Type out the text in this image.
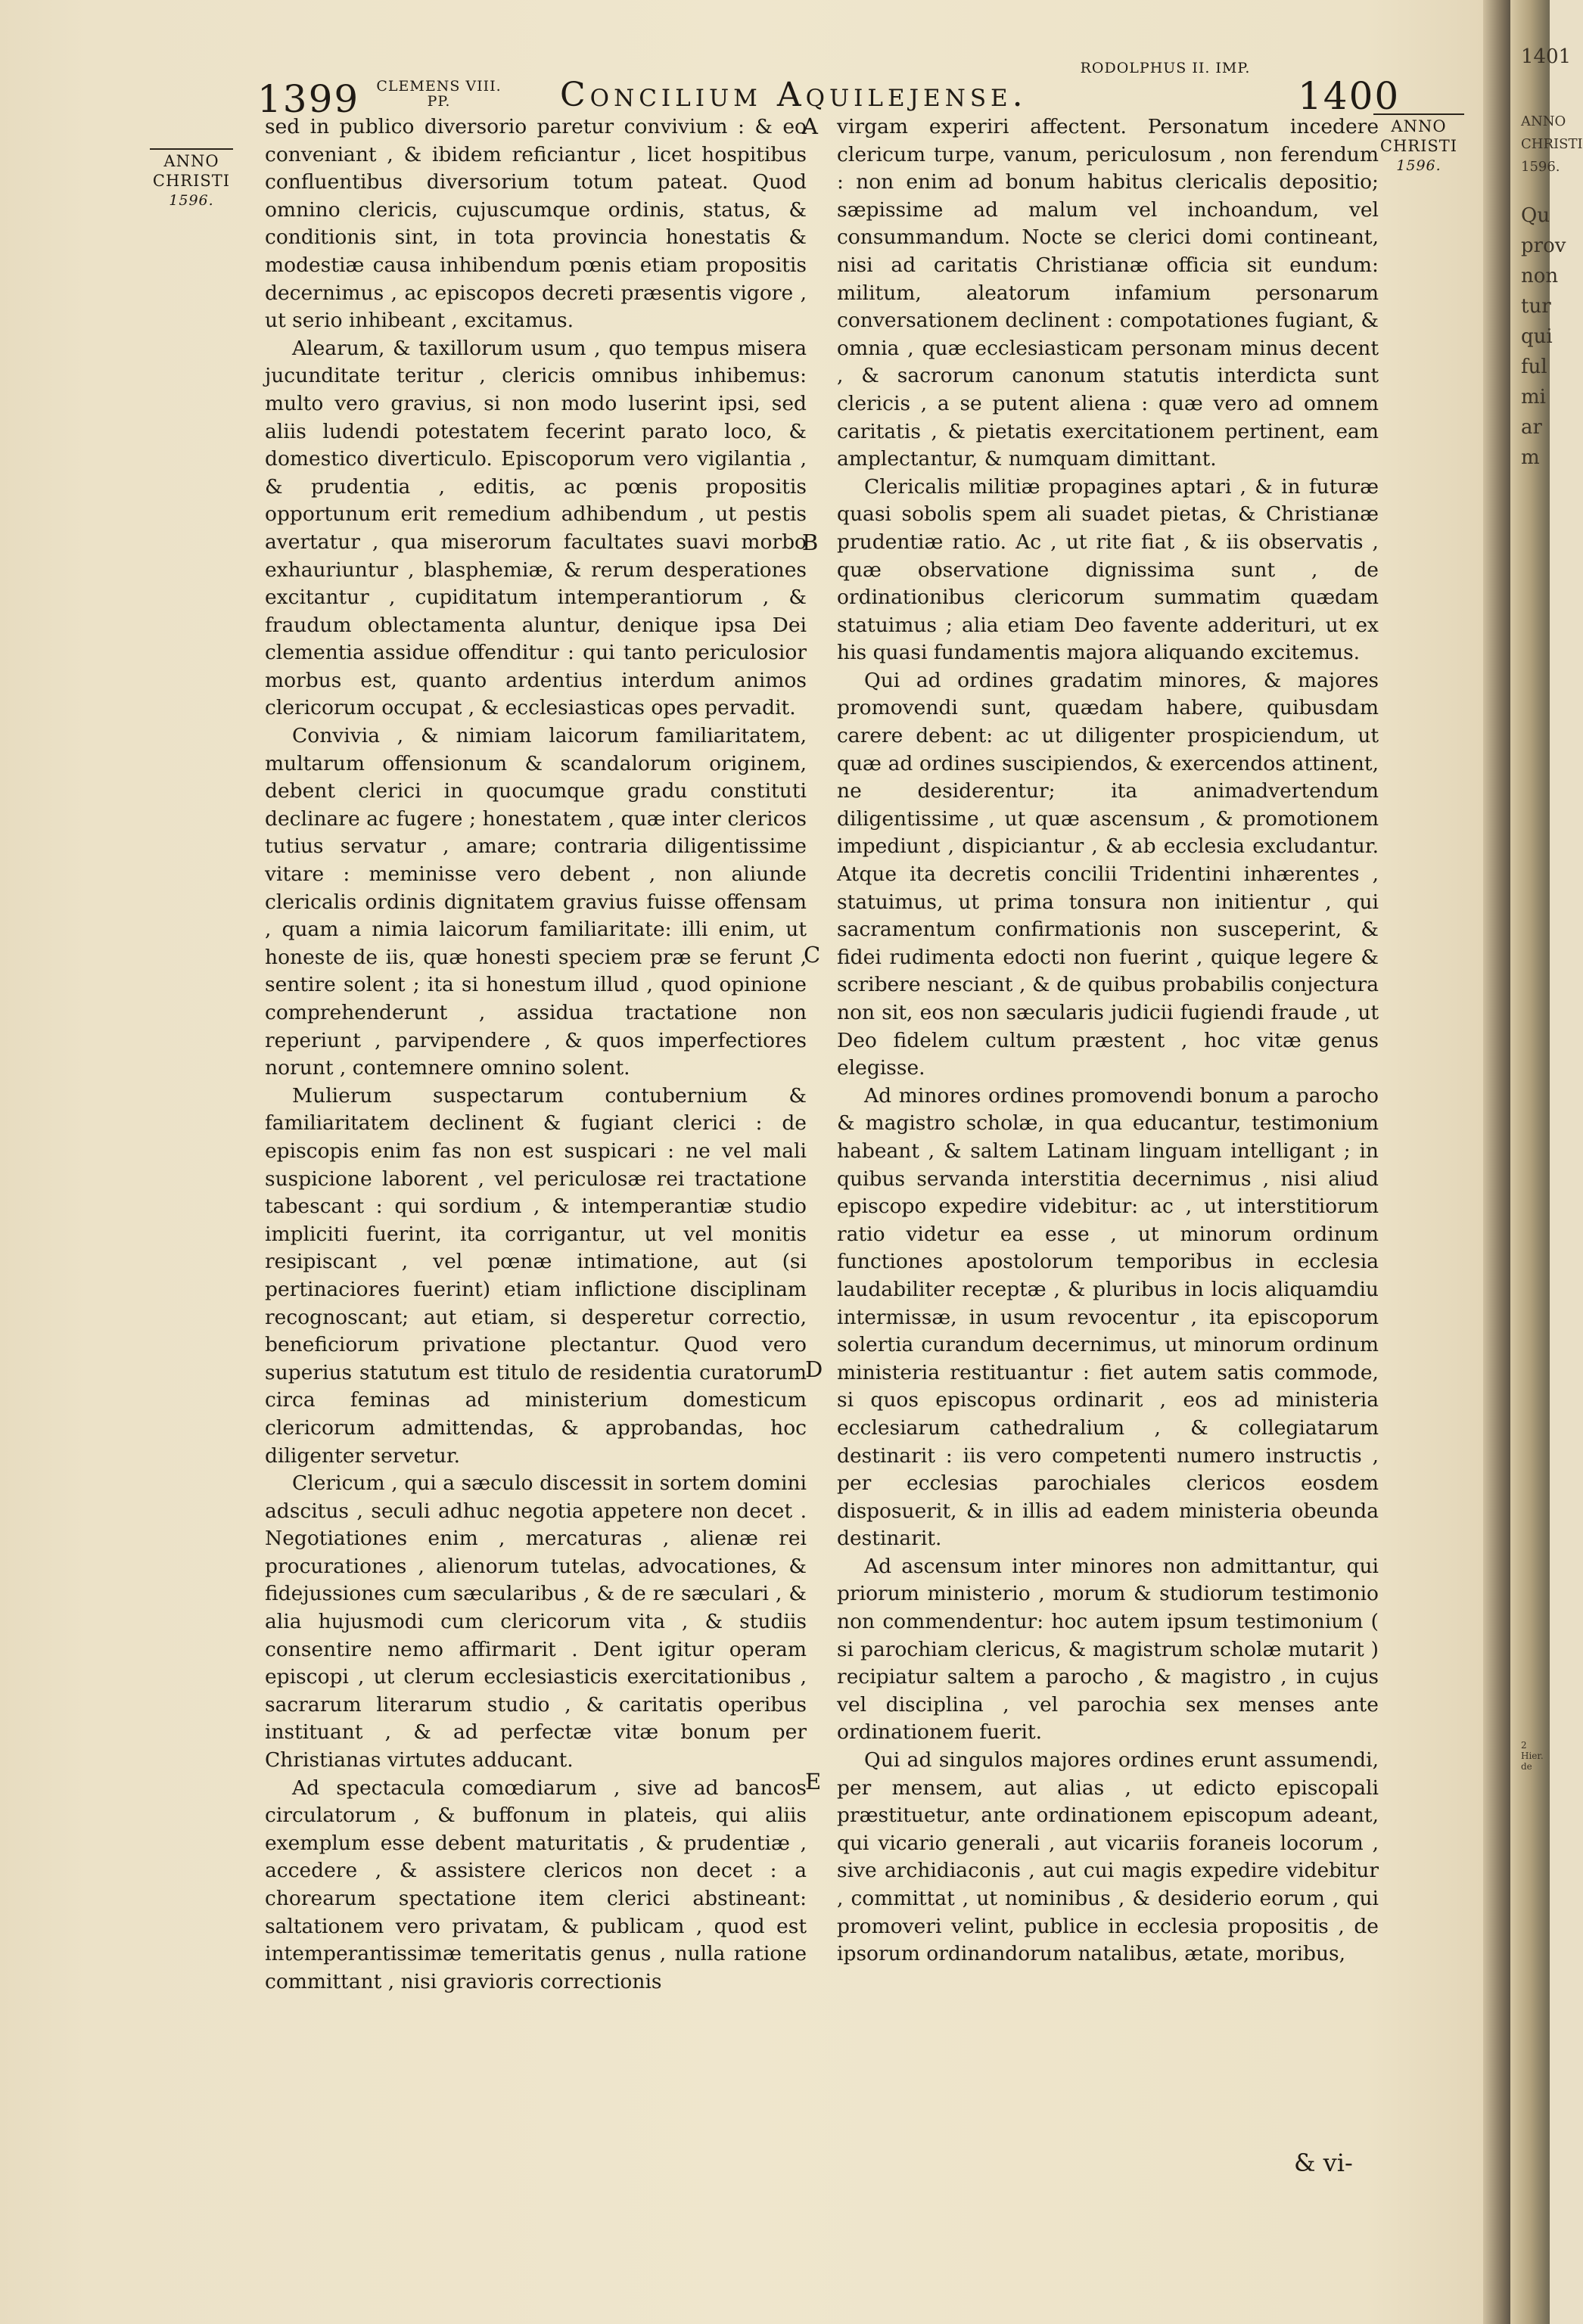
1401
ANNO
CHRISTI
1596.
Qu
prov
non
tur
qui
ful
mi
ar
m
2 Hier. de
1399	CLEMENS VIII. PP.	Concilium Aquilejense.
RODOLPHUS II. IMP.
1400
ANNO
CHRISTI
1596.
ANNO
CHRISTI
1596.
A
B
C
D
E

sed in publico diversorio paretur convivium : & eo conveniant , & ibidem reficiantur , licet hospitibus confluentibus diversorium totum pateat. Quod omnino clericis, cujuscumque ordinis, status, & conditionis sint, in tota provincia honestatis & modestiæ causa inhibendum pœnis etiam propositis decernimus , ac episcopos decreti præsentis vigore , ut serio inhibeant , excitamus.

Alearum, & taxillorum usum , quo tempus misera jucunditate teritur , clericis omnibus inhibemus: multo vero gravius, si non modo luserint ipsi, sed aliis ludendi potestatem fecerint parato loco, & domestico diverticulo. Episcoporum vero vigilantia , & prudentia , editis, ac pœnis propositis opportunum erit remedium adhibendum , ut pestis avertatur , qua miserorum facultates suavi morbo exhauriuntur , blasphemiæ, & rerum desperationes excitantur , cupiditatum intemperantiorum , & fraudum oblectamenta aluntur, denique ipsa Dei clementia assidue offenditur : qui tanto periculosior morbus est, quanto ardentius interdum animos clericorum occupat , & ecclesiasticas opes pervadit.

Convivia , & nimiam laicorum familiaritatem, multarum offensionum & scandalorum originem, debent clerici in quocumque gradu constituti declinare ac fugere ; honestatem , quæ inter clericos tutius servatur , amare; contraria diligentissime vitare : meminisse vero debent , non aliunde clericalis ordinis dignitatem gravius fuisse offensam , quam a nimia laicorum familiaritate: illi enim, ut honeste de iis, quæ honesti speciem præ se ferunt , sentire solent ; ita si honestum illud , quod opinione comprehenderunt , assidua tractatione non reperiunt , parvipendere , & quos imperfectiores norunt , contemnere omnino solent.

Mulierum suspectarum contubernium & familiaritatem declinent & fugiant clerici : de episcopis enim fas non est suspicari : ne vel mali suspicione laborent , vel periculosæ rei tractatione tabescant : qui sordium , & intemperantiæ studio impliciti fuerint, ita corrigantur, ut vel monitis resipiscant , vel pœnæ intimatione, aut (si pertinaciores fuerint) etiam inflictione disciplinam recognoscant; aut etiam, si desperetur correctio, beneficiorum privatione plectantur. Quod vero superius statutum est titulo de residentia curatorum circa feminas ad ministerium domesticum clericorum admittendas, & approbandas, hoc diligenter servetur.

Clericum , qui a sæculo discessit in sortem domini adscitus , seculi adhuc negotia appetere non decet . Negotiationes enim , mercaturas , alienæ rei procurationes , alienorum tutelas, advocationes, & fidejussiones cum sæcularibus , & de re sæculari , & alia hujusmodi cum clericorum vita , & studiis consentire nemo affirmarit . Dent igitur operam episcopi , ut clerum ecclesiasticis exercitationibus , sacrarum literarum studio , & caritatis operibus instituant , & ad perfectæ vitæ bonum per Christianas virtutes adducant.

Ad spectacula comœdiarum , sive ad bancos circulatorum , & buffonum in plateis, qui aliis exemplum esse debent maturitatis , & prudentiæ , accedere , & assistere clericos non decet : a chorearum spectatione item clerici abstineant: saltationem vero privatam, & publicam , quod est intemperantissimæ temeritatis genus , nulla ratione committant , nisi gravioris correctionis

virgam experiri affectent. Personatum incedere clericum turpe, vanum, periculosum , non ferendum : non enim ad bonum habitus clericalis depositio; sæpissime ad malum vel inchoandum, vel consummandum. Nocte se clerici domi contineant, nisi ad caritatis Christianæ officia sit eundum: militum, aleatorum infamium personarum conversationem declinent : compotationes fugiant, & omnia , quæ ecclesiasticam personam minus decent , & sacrorum canonum statutis interdicta sunt clericis , a se putent aliena : quæ vero ad omnem caritatis , & pietatis exercitationem pertinent, eam amplectantur, & numquam dimittant.

Clericalis militiæ propagines aptari , & in futuræ quasi sobolis spem ali suadet pietas, & Christianæ prudentiæ ratio. Ac , ut rite fiat , & iis observatis , quæ observatione dignissima sunt , de ordinationibus clericorum summatim quædam statuimus ; alia etiam Deo favente adderituri, ut ex his quasi fundamentis majora aliquando excitemus.

Qui ad ordines gradatim minores, & majores promovendi sunt, quædam habere, quibusdam carere debent: ac ut diligenter prospiciendum, ut quæ ad ordines suscipiendos, & exercendos attinent, ne desiderentur; ita animadvertendum diligentissime , ut quæ ascensum , & promotionem impediunt , dispiciantur , & ab ecclesia excludantur. Atque ita decretis concilii Tridentini inhærentes , statuimus, ut prima tonsura non initientur , qui sacramentum confirmationis non susceperint, & fidei rudimenta edocti non fuerint , quique legere & scribere nesciant , & de quibus probabilis conjectura non sit, eos non sæcularis judicii fugiendi fraude , ut Deo fidelem cultum præstent , hoc vitæ genus elegisse.

Ad minores ordines promovendi bonum a parocho & magistro scholæ, in qua educantur, testimonium habeant , & saltem Latinam linguam intelligant ; in quibus servanda interstitia decernimus , nisi aliud episcopo expedire videbitur: ac , ut interstitiorum ratio videtur ea esse , ut minorum ordinum functiones apostolorum temporibus in ecclesia laudabiliter receptæ , & pluribus in locis aliquamdiu intermissæ, in usum revocentur , ita episcoporum solertia curandum decernimus, ut minorum ordinum ministeria restituantur : fiet autem satis commode, si quos episcopus ordinarit , eos ad ministeria ecclesiarum cathedralium , & collegiatarum destinarit : iis vero competenti numero instructis , per ecclesias parochiales clericos eosdem disposuerit, & in illis ad eadem ministeria obeunda destinarit.

Ad ascensum inter minores non admittantur, qui priorum ministerio , morum & studiorum testimonio non commendentur: hoc autem ipsum testimonium ( si parochiam clericus, & magistrum scholæ mutarit ) recipiatur saltem a parocho , & magistro , in cujus vel disciplina , vel parochia sex menses ante ordinationem fuerit.

Qui ad singulos majores ordines erunt assumendi, per mensem, aut alias , ut edicto episcopali præstituetur, ante ordinationem episcopum adeant, qui vicario generali , aut vicariis foraneis locorum , sive archidiaconis , aut cui magis expedire videbitur , committat , ut nominibus , & desiderio eorum , qui promoveri velint, publice in ecclesia propositis , de ipsorum ordinandorum natalibus, ætate, moribus,

& vi-
